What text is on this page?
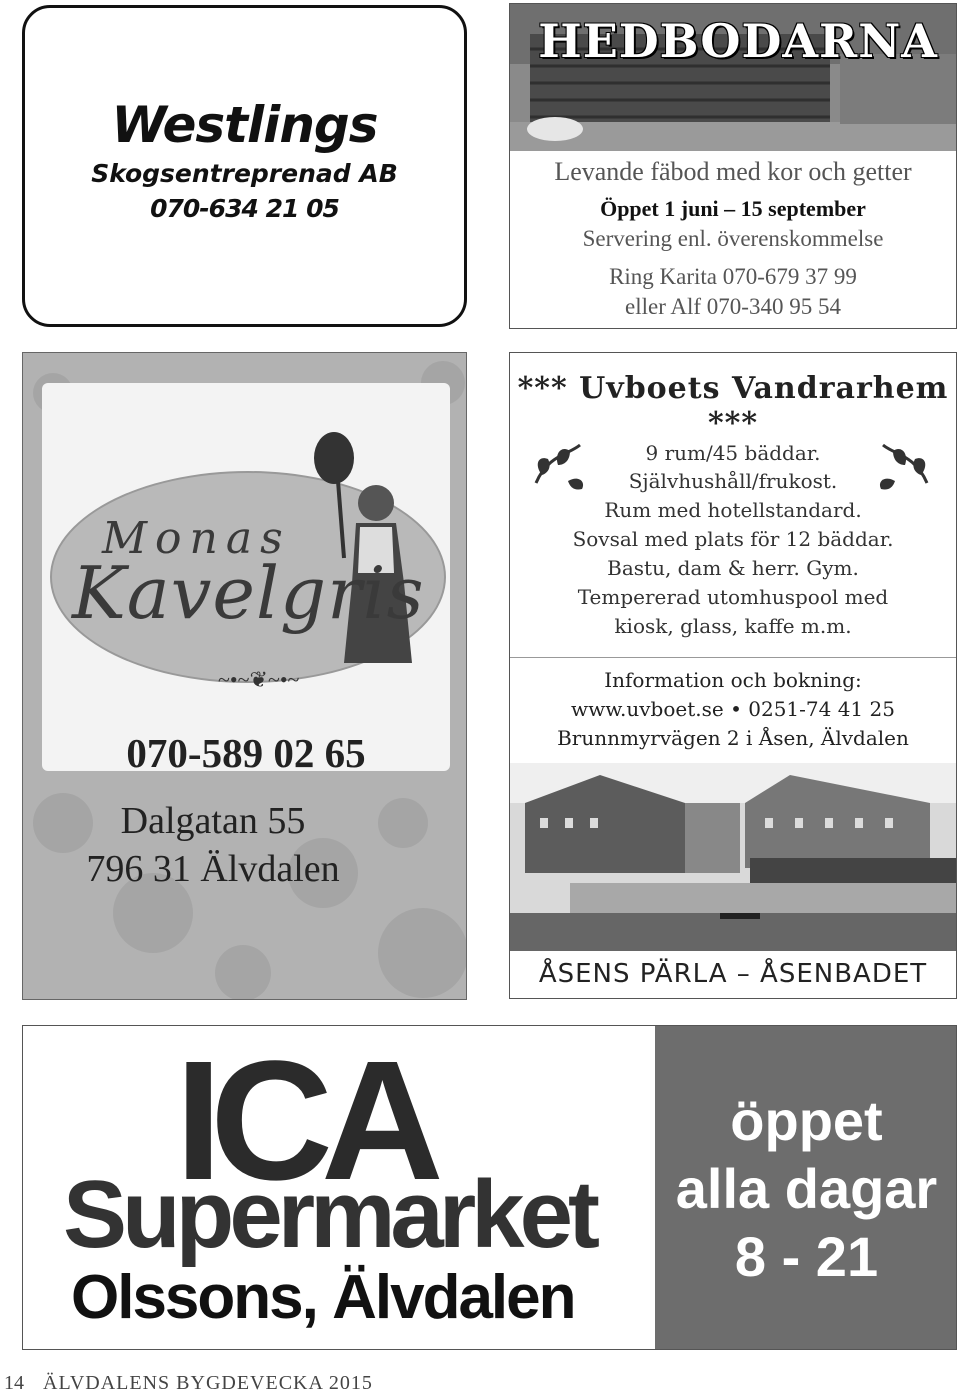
Westlings
Skogsentreprenad AB
070-634 21 05
HEDBODARNA
Levande fäbod med kor och getter
Öppet 1 juni – 15 september
Servering enl. överenskommelse
Ring Karita 070-679 37 99
eller Alf 070-340 95 54
Monas
Kavelgris
~•~❦~•~
070-589 02 65
Dalgatan 55
796 31 Älvdalen
*** Uvboets Vandrarhem ***
9 rum/45 bäddar.
Självhushåll/frukost.
Rum med hotellstandard.
Sovsal med plats för 12 bäddar.
Bastu, dam & herr. Gym.
Tempererad utomhuspool med
kiosk, glass, kaffe m.m.
Information och bokning:
www.uvboet.se • 0251-74 41 25
Brunnmyrvägen 2 i Åsen, Älvdalen
ÅSENS PÄRLA – ÅSENBADET
ICA
Supermarket
Olssons, Älvdalen
öppet
alla dagar
8 - 21
14 ÄLVDALENS BYGDEVECKA 2015
